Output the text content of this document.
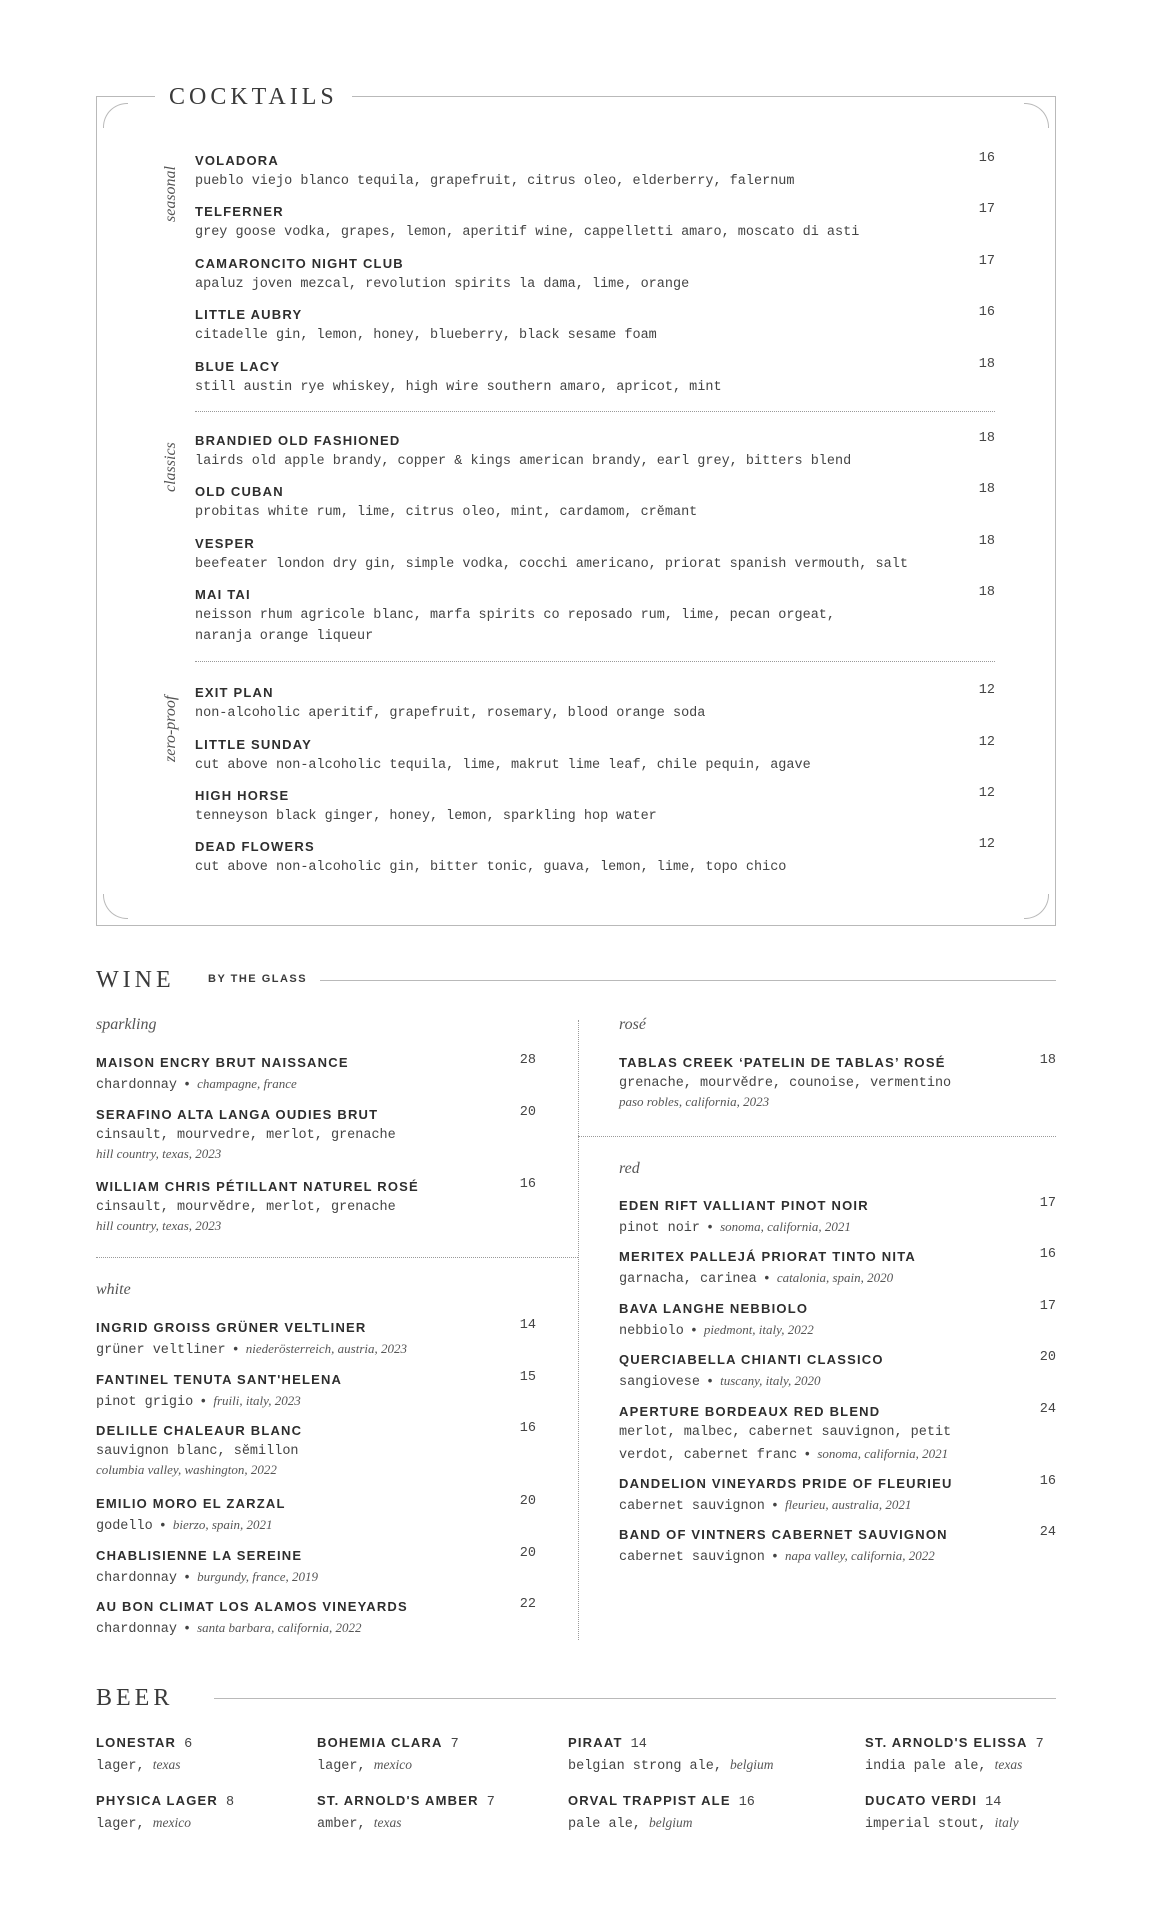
COCKTAILS
seasonal
classics
zero-proof
VOLADORA
pueblo viejo blanco tequila, grapefruit, citrus oleo, elderberry, falernum
16
TELFERNER
grey goose vodka, grapes, lemon, aperitif wine, cappelletti amaro, moscato di asti
17
CAMARONCITO NIGHT CLUB
apaluz joven mezcal, revolution spirits la dama, lime, orange
17
LITTLE AUBRY
citadelle gin, lemon, honey, blueberry, black sesame foam
16
BLUE LACY
still austin rye whiskey, high wire southern amaro, apricot, mint
18
BRANDIED OLD FASHIONED
lairds old apple brandy, copper & kings american brandy, earl grey, bitters blend
18
OLD CUBAN
probitas white rum, lime, citrus oleo, mint, cardamom, crĕmant
18
VESPER
beefeater london dry gin, simple vodka, cocchi americano, priorat spanish vermouth, salt
18
MAI TAI
neisson rhum agricole blanc, marfa spirits co reposado rum, lime, pecan orgeat,
naranja orange liqueur
18
EXIT PLAN
non-alcoholic aperitif, grapefruit, rosemary, blood orange soda
12
LITTLE SUNDAY
cut above non-alcoholic tequila, lime, makrut lime leaf, chile pequin, agave
12
HIGH HORSE
tenneyson black ginger, honey, lemon, sparkling hop water
12
DEAD FLOWERS
cut above non-alcoholic gin, bitter tonic, guava, lemon, lime, topo chico
12
WINE	BY THE GLASS
sparkling
MAISON ENCRY BRUT NAISSANCE
chardonnay • champagne, france
28
SERAFINO ALTA LANGA OUDIES BRUT
cinsault, mourvedre, merlot, grenache
hill country, texas, 2023
20
WILLIAM CHRIS PÉTILLANT NATUREL ROSÉ
cinsault, mourvĕdre, merlot, grenache
hill country, texas, 2023
16
white
INGRID GROISS GRÜNER VELTLINER
grüner veltliner • niederösterreich, austria, 2023
14
FANTINEL TENUTA SANT'HELENA
pinot grigio • fruili, italy, 2023
15
DELILLE CHALEAUR BLANC
sauvignon blanc, sĕmillon
columbia valley, washington, 2022
16
EMILIO MORO EL ZARZAL
godello • bierzo, spain, 2021
20
CHABLISIENNE LA SEREINE
chardonnay • burgundy, france, 2019
20
AU BON CLIMAT LOS ALAMOS VINEYARDS
chardonnay • santa barbara, california, 2022
22
rosé
TABLAS CREEK ‘PATELIN DE TABLAS’ ROSÉ
grenache, mourvĕdre, counoise, vermentino
paso robles, california, 2023
18
red
EDEN RIFT VALLIANT PINOT NOIR
pinot noir • sonoma, california, 2021
17
MERITEX PALLEJÁ PRIORAT TINTO NITA
garnacha, carinea • catalonia, spain, 2020
16
BAVA LANGHE NEBBIOLO
nebbiolo • piedmont, italy, 2022
17
QUERCIABELLA CHIANTI CLASSICO
sangiovese • tuscany, italy, 2020
20
APERTURE BORDEAUX RED BLEND
merlot, malbec, cabernet sauvignon, petit
verdot, cabernet franc • sonoma, california, 2021
24
DANDELION VINEYARDS PRIDE OF FLEURIEU
cabernet sauvignon • fleurieu, australia, 2021
16
BAND OF VINTNERS CABERNET SAUVIGNON
cabernet sauvignon • napa valley, california, 2022
24
BEER
LONESTAR 6
lager, texas
BOHEMIA CLARA 7
lager, mexico
PIRAAT 14
belgian strong ale, belgium
ST. ARNOLD'S ELISSA 7
india pale ale, texas
PHYSICA LAGER 8
lager, mexico
ST. ARNOLD'S AMBER 7
amber, texas
ORVAL TRAPPIST ALE 16
pale ale, belgium
DUCATO VERDI 14
imperial stout, italy
